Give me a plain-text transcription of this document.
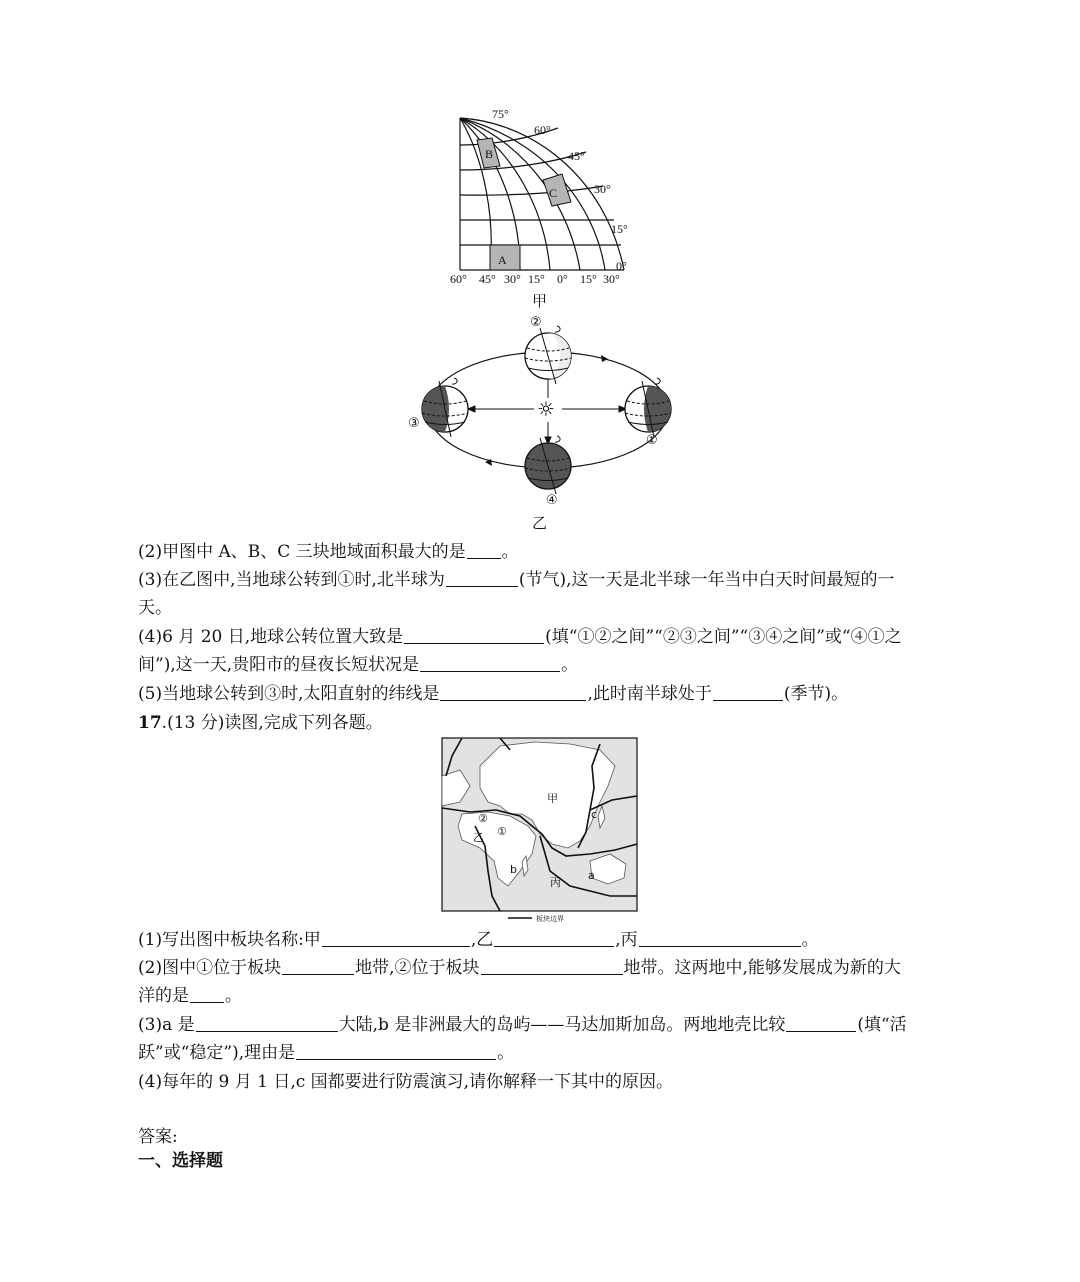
A
B
C
75°
60°
45°
30°
15°
0°
60° 45° 30° 15° 0° 15° 30°
甲
☼
②
①
③
④
乙
(2)甲图中 A、B、C 三块地域面积最大的是 。
(3)在乙图中,当地球公转到①时,北半球为	(节气),这一天是北半球一年当中白天时间最短的一
天。
(4)6 月 20 日,地球公转位置大致是	(填“①②之间”“②③之间”“③④之间”或“④①之
间”),这一天,贵阳市的昼夜长短状况是	。
(5)当地球公转到③时,太阳直射的纬线是	,此时南半球处于	(季节)。
17.(13 分)读图,完成下列各题。
甲
乙
丙
a
b
c
①
②
板块边界
(1)写出图中板块名称:甲	,乙	,丙	。
(2)图中①位于板块	地带,②位于板块	地带。这两地中,能够发展成为新的大
洋的是 。
(3)a 是	大陆,b 是非洲最大的岛屿——马达加斯加岛。两地地壳比较	(填“活
跃”或“稳定”),理由是	。
(4)每年的 9 月 1 日,c 国都要进行防震演习,请你解释一下其中的原因。
答案:
一、选择题
